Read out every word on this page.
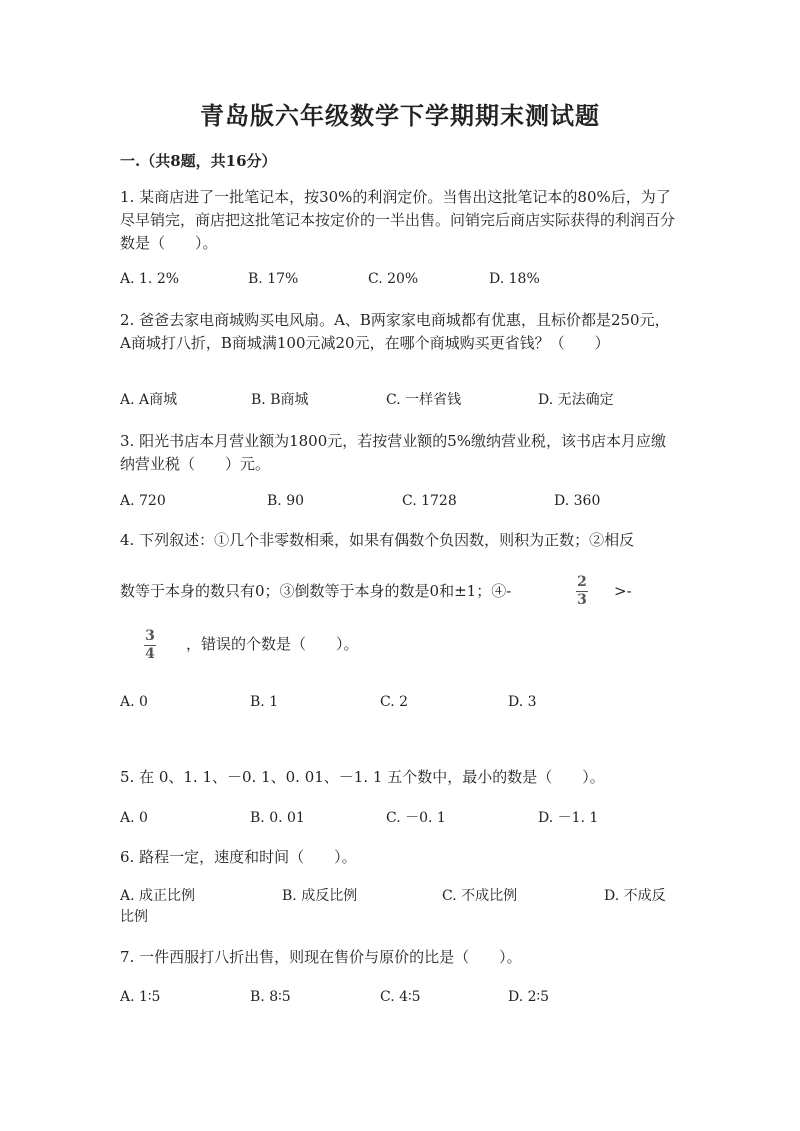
青岛版六年级数学下学期期末测试题
一.（共8题，共16分）

1. 某商店进了一批笔记本，按30%的利润定价。当售出这批笔记本的80%后，为了尽早销完，商店把这批笔记本按定价的一半出售。问销完后商店实际获得的利润百分数是（　　）。

A. 1. 2%	B. 17%	C. 20%	D. 18%

2. 爸爸去家电商城购买电风扇。A、B两家家电商城都有优惠，且标价都是250元，A商城打八折，B商城满100元减20元，在哪个商城购买更省钱？（　　）

A. A商城	B. B商城	C. 一样省钱	D. 无法确定

3. 阳光书店本月营业额为1800元，若按营业额的5%缴纳营业税，该书店本月应缴纳营业税（　　）元。

A. 720	B. 90	C. 1728	D. 360
4. 下列叙述：①几个非零数相乘，如果有偶数个负因数，则积为正数；②相反
数等于本身的数只有0；③倒数等于本身的数是0和±1；④-	2
3 >-
3
4
，错误的个数是（　　）。
A. 0	B. 1	C. 2	D. 3

5. 在 0、1. 1、－0. 1、0. 01、－1. 1 五个数中，最小的数是（　　）。

A. 0	B. 0. 01	C. －0. 1	D. －1. 1

6. 路程一定，速度和时间（　　）。

A. 成正比例	B. 成反比例	C. 不成比例	D. 不成反
比例

7. 一件西服打八折出售，则现在售价与原价的比是（　　）。

A. 1∶5	B. 8∶5	C. 4∶5	D. 2∶5
